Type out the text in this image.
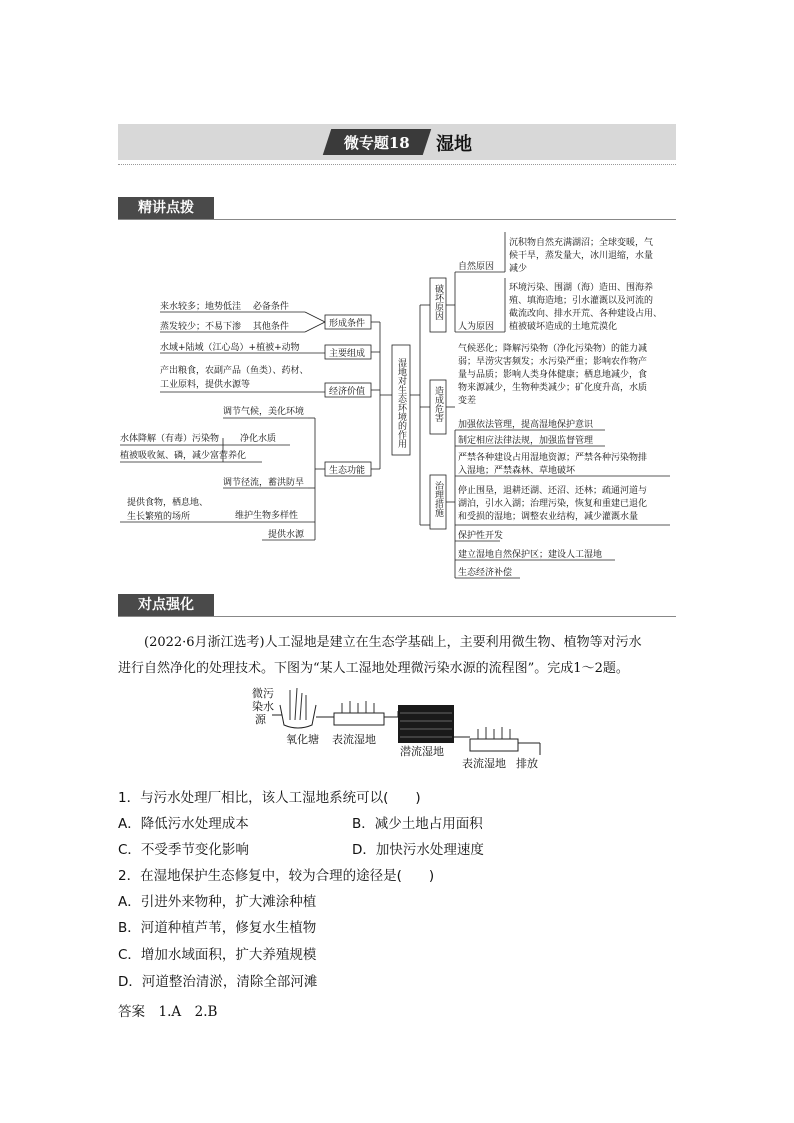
微专题18 湿地
精讲点拨
来水较多；地势低洼　 必备条件
蒸发较少；不易下渗　 其他条件	形成条件
水域+陆域（江心岛）+植被+动物
主要组成
产出粮食，农副产品（鱼类）、药材、
工业原料，提供水源等
经济价值
调节气候，美化环境
净化水质
水体降解（有毒）污染物
植被吸收氮、磷，减少富营养化
调节径流，蓄洪防旱
维护生物多样性
提供食物，栖息地、
生长繁殖的场所
提供水源
生态功能
湿地对生态环境的作用
破坏原因
造成危害
治理措施
自然原因
沉积物自然充满湖沼；全球变暖，气
候干旱，蒸发量大，冰川退缩，水量
减少
人为原因
环境污染、围湖（海）造田、围海养
殖、填海造地；引水灌溉以及河流的
截流改向、排水开荒、各种建设占用、
植被破坏造成的土地荒漠化
气候恶化；降解污染物（净化污染物）的能力减
弱；旱涝灾害频发；水污染严重；影响农作物产
量与品质；影响人类身体健康；栖息地减少，食
物来源减少，生物种类减少；矿化度升高，水质
变差
加强依法管理，提高湿地保护意识
制定相应法律法规，加强监督管理
严禁各种建设占用湿地资源；严禁各种污染物排
入湿地；严禁森林、草地破坏
停止围垦，退耕还湖、还沼、还林；疏通河道与
湖泊，引水入湖；治理污染，恢复和重建已退化
和受损的湿地；调整农业结构，减少灌溉水量
保护性开发
建立湿地自然保护区；建设人工湿地
生态经济补偿
对点强化
(2022·6月浙江选考)人工湿地是建立在生态学基础上，主要利用微生物、植物等对污水
进行自然净化的处理技术。下图为“某人工湿地处理微污染水源的流程图”。完成1～2题。
微污
染水
源
氧化塘 表流湿地
潜流湿地
表流湿地 排放
1．与污水处理厂相比，该人工湿地系统可以(　　)
A．降低污水处理成本	B．减少土地占用面积
C．不受季节变化影响	D．加快污水处理速度
2．在湿地保护生态修复中，较为合理的途径是(　　)
A．引进外来物种，扩大滩涂种植
B．河道种植芦苇，修复水生植物
C．增加水域面积，扩大养殖规模
D．河道整治清淤，清除全部河滩
答案　1.A　2.B
